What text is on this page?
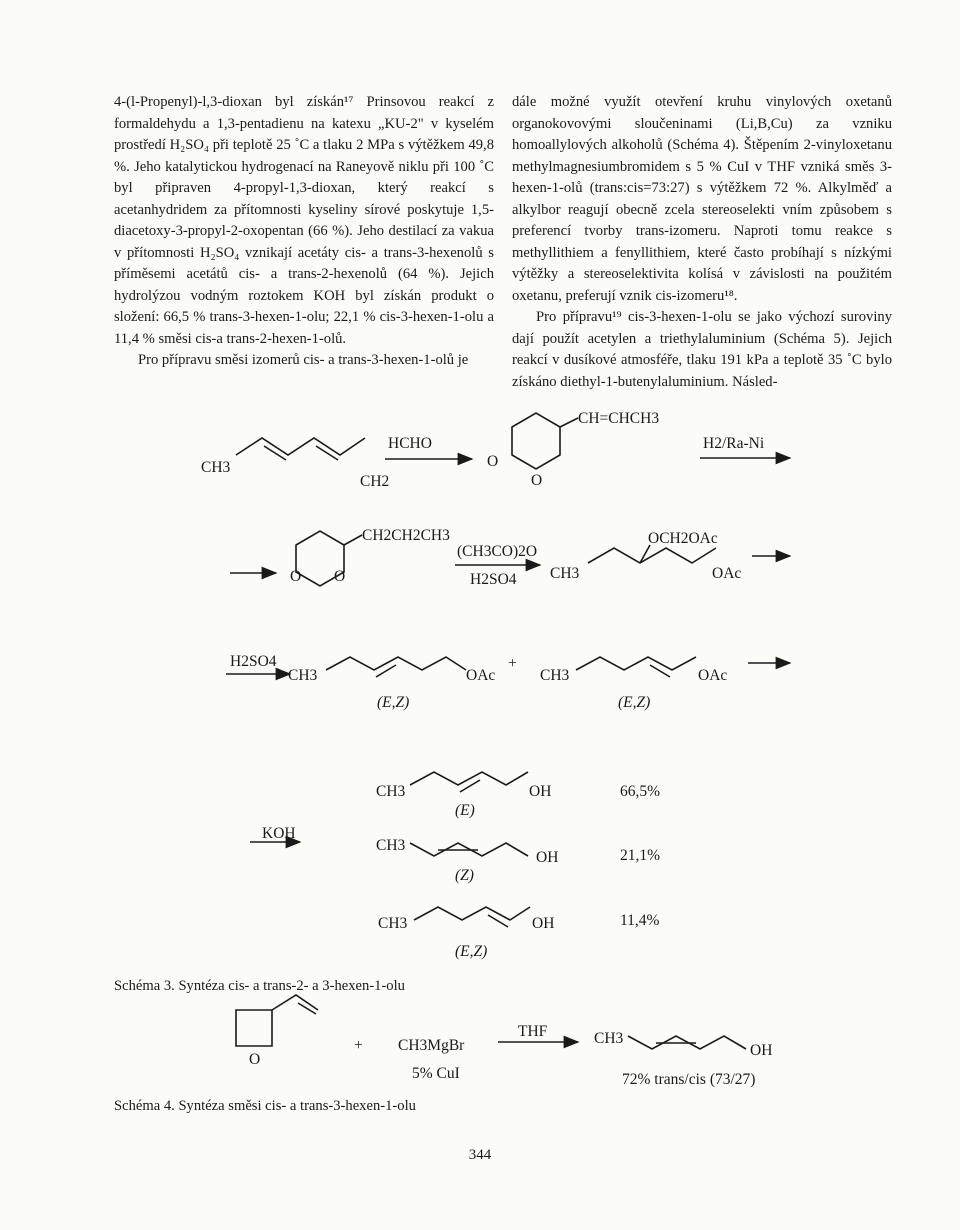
4-(l-Propenyl)-l,3-dioxan byl získán¹⁷ Prinsovou reakcí z formaldehydu a 1,3-pentadienu na katexu „KU-2" v kyselém prostředí H₂SO₄ při teplotě 25 ˚C a tlaku 2 MPa s výtěžkem 49,8 %. Jeho katalytickou hydrogenací na Raneyově niklu při 100 ˚C byl připraven 4-propyl-1,3-dioxan, který reakcí s acetanhydridem za přítomnosti kyseliny sírové poskytuje 1,5-diacetoxy-3-propyl-2-oxopentan (66 %). Jeho destilací za vakua v přítomnosti H₂SO₄ vznikají acetáty cis- a trans-3-hexenolů s příměsemi acetátů cis- a trans-2-hexenolů (64 %). Jejich hydrolýzou vodným roztokem KOH byl získán produkt o složení: 66,5 % trans-3-hexen-1-olu; 22,1 % cis-3-hexen-1-olu a 11,4 % směsi cis-a trans-2-hexen-1-olů.

Pro přípravu směsi izomerů cis- a trans-3-hexen-1-olů je

dále možné využít otevření kruhu vinylových oxetanů organokovovými sloučeninami (Li,B,Cu) za vzniku homoallylových alkoholů (Schéma 4). Štěpením 2-vinyloxetanu methylmagnesiumbromidem s 5 % CuI v THF vzniká směs 3-hexen-1-olů (trans:cis=73:27) s výtěžkem 72 %. Alkylměď a alkylbor reagují obecně zcela stereoselekti vním způsobem s preferencí tvorby trans-izomeru. Naproti tomu reakce s methyllithiem a fenyllithiem, které často probíhají s nízkými výtěžky a stereoselektivita kolísá v závislosti na použitém oxetanu, preferují vznik cis-izomeru¹⁸.

Pro přípravu¹⁹ cis-3-hexen-1-olu se jako výchozí suroviny dají použít acetylen a triethylaluminium (Schéma 5). Jejich reakcí v dusíkové atmosféře, tlaku 191 kPa a teplotě 35 ˚C bylo získáno diethyl-1-butenylaluminium. Násled-

CH3
CH2
HCHO
CH=CHCH3
O
O
H2/Ra-Ni
CH2CH2CH3
O O
(CH3CO)2O
H2SO4 CH3
OCH2OAc
OAc
H2SO4
CH3	OAc
(E,Z)
+
CH3	OAc
(E,Z)
CH3	OH
(E)
66,5%
KOH
CH3
OH
(Z)
21,1%
CH3	OH
(E,Z)
11,4%
O
+ CH3MgBr
5% CuI
THF	CH3
OH
72% trans/cis (73/27)
Schéma 3. Syntéza cis- a trans-2- a 3-hexen-1-olu
Schéma 4. Syntéza směsi cis- a trans-3-hexen-1-olu
344
